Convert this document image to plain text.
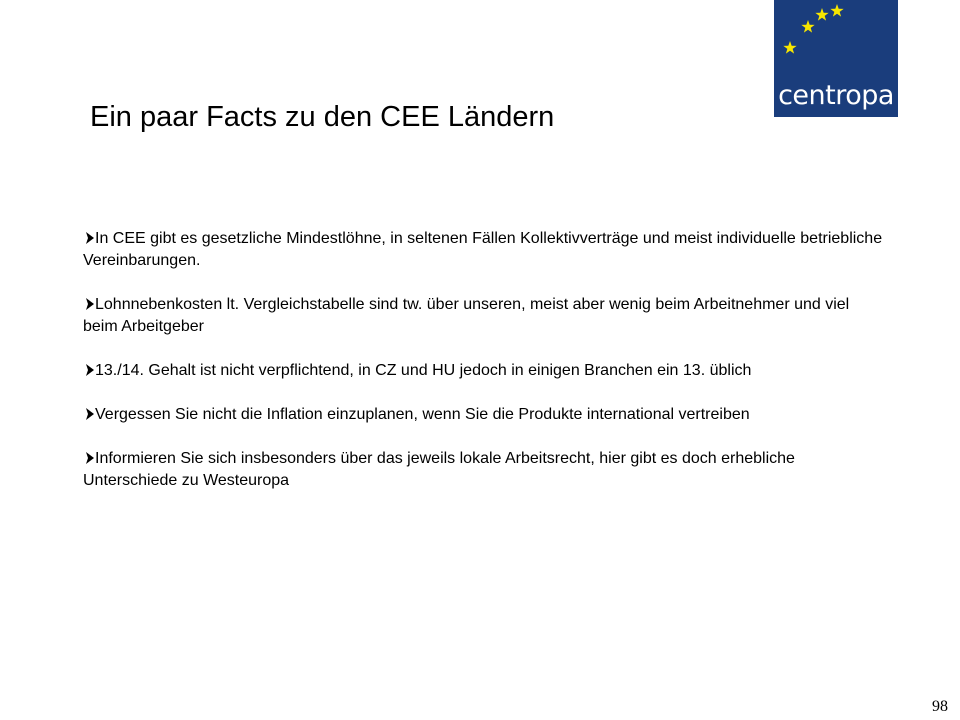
centropa
Ein paar Facts zu den CEE Ländern
In CEE gibt es gesetzliche Mindestlöhne, in seltenen Fällen Kollektivverträge und meist individuelle betriebliche Vereinbarungen.
Lohnnebenkosten lt. Vergleichstabelle sind tw. über unseren, meist aber wenig beim Arbeitnehmer und viel beim Arbeitgeber
13./14. Gehalt ist nicht verpflichtend, in CZ und HU jedoch in einigen Branchen ein 13. üblich
Vergessen Sie nicht die Inflation einzuplanen, wenn Sie die Produkte international vertreiben
Informieren Sie sich insbesonders über das jeweils lokale Arbeitsrecht, hier gibt es doch erhebliche Unterschiede zu Westeuropa
98
